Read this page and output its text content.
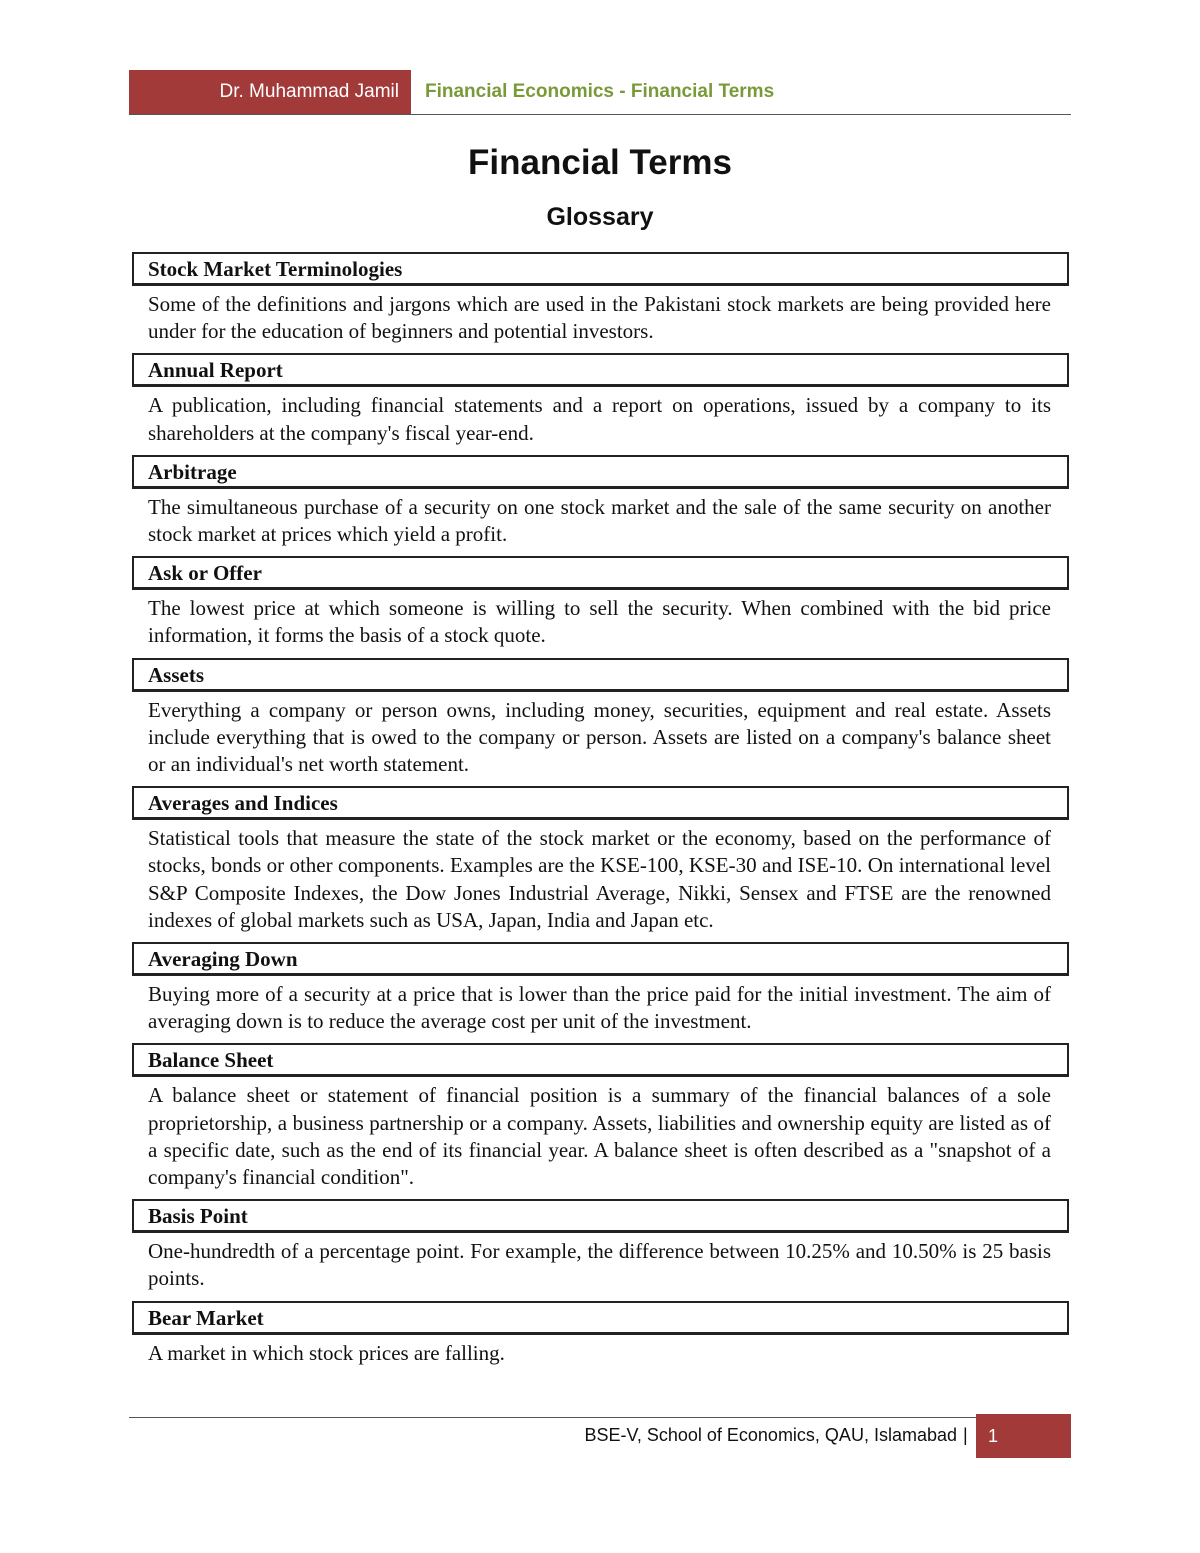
Dr. Muhammad Jamil	Financial Economics - Financial Terms
Financial Terms
Glossary
Stock Market Terminologies
Some of the definitions and jargons which are used in the Pakistani stock markets are being provided here under for the education of beginners and potential investors.
Annual Report
A publication, including financial statements and a report on operations, issued by a company to its shareholders at the company's fiscal year-end.
Arbitrage
The simultaneous purchase of a security on one stock market and the sale of the same security on another stock market at prices which yield a profit.
Ask or Offer
The lowest price at which someone is willing to sell the security. When combined with the bid price information, it forms the basis of a stock quote.
Assets
Everything a company or person owns, including money, securities, equipment and real estate. Assets include everything that is owed to the company or person. Assets are listed on a company's balance sheet or an individual's net worth statement.
Averages and Indices
Statistical tools that measure the state of the stock market or the economy, based on the performance of stocks, bonds or other components. Examples are the KSE-100, KSE-30 and ISE-10. On international level S&P Composite Indexes, the Dow Jones Industrial Average, Nikki, Sensex and FTSE are the renowned indexes of global markets such as USA, Japan, India and Japan etc.
Averaging Down
Buying more of a security at a price that is lower than the price paid for the initial investment. The aim of averaging down is to reduce the average cost per unit of the investment.
Balance Sheet
A balance sheet or statement of financial position is a summary of the financial balances of a sole proprietorship, a business partnership or a company. Assets, liabilities and ownership equity are listed as of a specific date, such as the end of its financial year. A balance sheet is often described as a "snapshot of a company's financial condition".
Basis Point
One-hundredth of a percentage point. For example, the difference between 10.25% and 10.50% is 25 basis points.
Bear Market
A market in which stock prices are falling.
BSE-V, School of Economics, QAU, Islamabad |	1
